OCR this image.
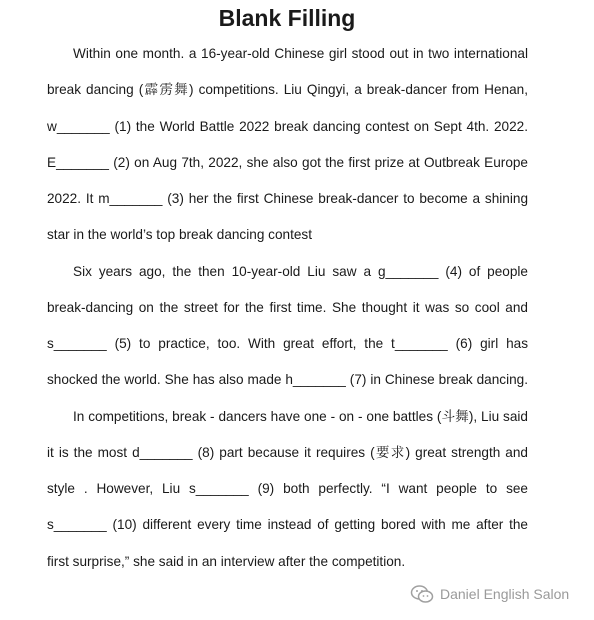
Blank Filling
Within one month. a 16-year-old Chinese girl stood out in two international
break dancing (霹雳舞) competitions. Liu Qingyi, a break-dancer from Henan,
w_______ (1) the World Battle 2022 break dancing contest on Sept 4th. 2022.
E_______ (2) on Aug 7th, 2022, she also got the first prize at Outbreak Europe
2022. It m_______ (3) her the first Chinese break-dancer to become a shining
star in the world’s top break dancing contest
Six years ago, the then 10-year-old Liu saw a g_______ (4) of people
break-dancing on the street for the first time. She thought it was so cool and
s_______ (5) to practice, too. With great effort, the t_______ (6) girl has
shocked the world. She has also made h_______ (7) in Chinese break dancing.
In competitions, break - dancers have one - on - one battles (斗舞), Liu said
it is the most d_______ (8) part because it requires (要求) great strength and
style . However, Liu s_______ (9) both perfectly. “I want people to see
s_______ (10) different every time instead of getting bored with me after the
first surprise,” she said in an interview after the competition.
Daniel English Salon
